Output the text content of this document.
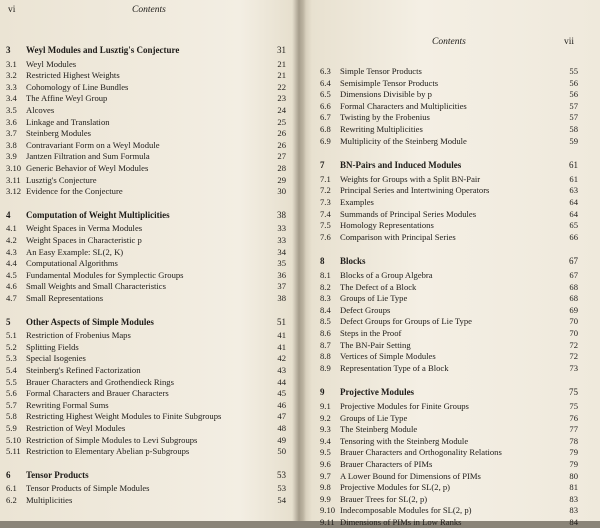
vi	Contents
3 Weyl Modules and Lusztig's Conjecture	31
3.1 Weyl Modules	21
3.2 Restricted Highest Weights	21
3.3 Cohomology of Line Bundles	22
3.4 The Affine Weyl Group	23
3.5 Alcoves	24
3.6 Linkage and Translation	25
3.7 Steinberg Modules	26
3.8 Contravariant Form on a Weyl Module	26
3.9 Jantzen Filtration and Sum Formula	27
3.10 Generic Behavior of Weyl Modules	28
3.11 Lusztig's Conjecture	29
3.12 Evidence for the Conjecture	30
4 Computation of Weight Multiplicities	38
4.1 Weight Spaces in Verma Modules	33
4.2 Weight Spaces in Characteristic p	33
4.3 An Easy Example: SL(2, K)	34
4.4 Computational Algorithms	35
4.5 Fundamental Modules for Symplectic Groups	36
4.6 Small Weights and Small Characteristics	37
4.7 Small Representations	38
5 Other Aspects of Simple Modules	51
5.1 Restriction of Frobenius Maps	41
5.2 Splitting Fields	41
5.3 Special Isogenies	42
5.4 Steinberg's Refined Factorization	43
5.5 Brauer Characters and Grothendieck Rings	44
5.6 Formal Characters and Brauer Characters	45
5.7 Rewriting Formal Sums	46
5.8 Restricting Highest Weight Modules to Finite Subgroups	47
5.9 Restriction of Weyl Modules	48
5.10 Restriction of Simple Modules to Levi Subgroups	49
5.11 Restriction to Elementary Abelian p-Subgroups	50
6 Tensor Products	53
6.1 Tensor Products of Simple Modules	53
6.2 Multiplicities	54
Contents	vii
6.3 Simple Tensor Products	55
6.4 Semisimple Tensor Products	56
6.5 Dimensions Divisible by p	56
6.6 Formal Characters and Multiplicities	57
6.7 Twisting by the Frobenius	57
6.8 Rewriting Multiplicities	58
6.9 Multiplicity of the Steinberg Module	59
7 BN-Pairs and Induced Modules	61
7.1 Weights for Groups with a Split BN-Pair	61
7.2 Principal Series and Intertwining Operators	63
7.3 Examples	64
7.4 Summands of Principal Series Modules	64
7.5 Homology Representations	65
7.6 Comparison with Principal Series	66
8 Blocks	67
8.1 Blocks of a Group Algebra	67
8.2 The Defect of a Block	68
8.3 Groups of Lie Type	68
8.4 Defect Groups	69
8.5 Defect Groups for Groups of Lie Type	70
8.6 Steps in the Proof	70
8.7 The BN-Pair Setting	72
8.8 Vertices of Simple Modules	72
8.9 Representation Type of a Block	73
9 Projective Modules	75
9.1 Projective Modules for Finite Groups	75
9.2 Groups of Lie Type	76
9.3 The Steinberg Module	77
9.4 Tensoring with the Steinberg Module	78
9.5 Brauer Characters and Orthogonality Relations	79
9.6 Brauer Characters of PIMs	79
9.7 A Lower Bound for Dimensions of PIMs	80
9.8 Projective Modules for SL(2, p)	81
9.9 Brauer Trees for SL(2, p)	83
9.10 Indecomposable Modules for SL(2, p)	83
9.11 Dimensions of PIMs in Low Ranks	84
